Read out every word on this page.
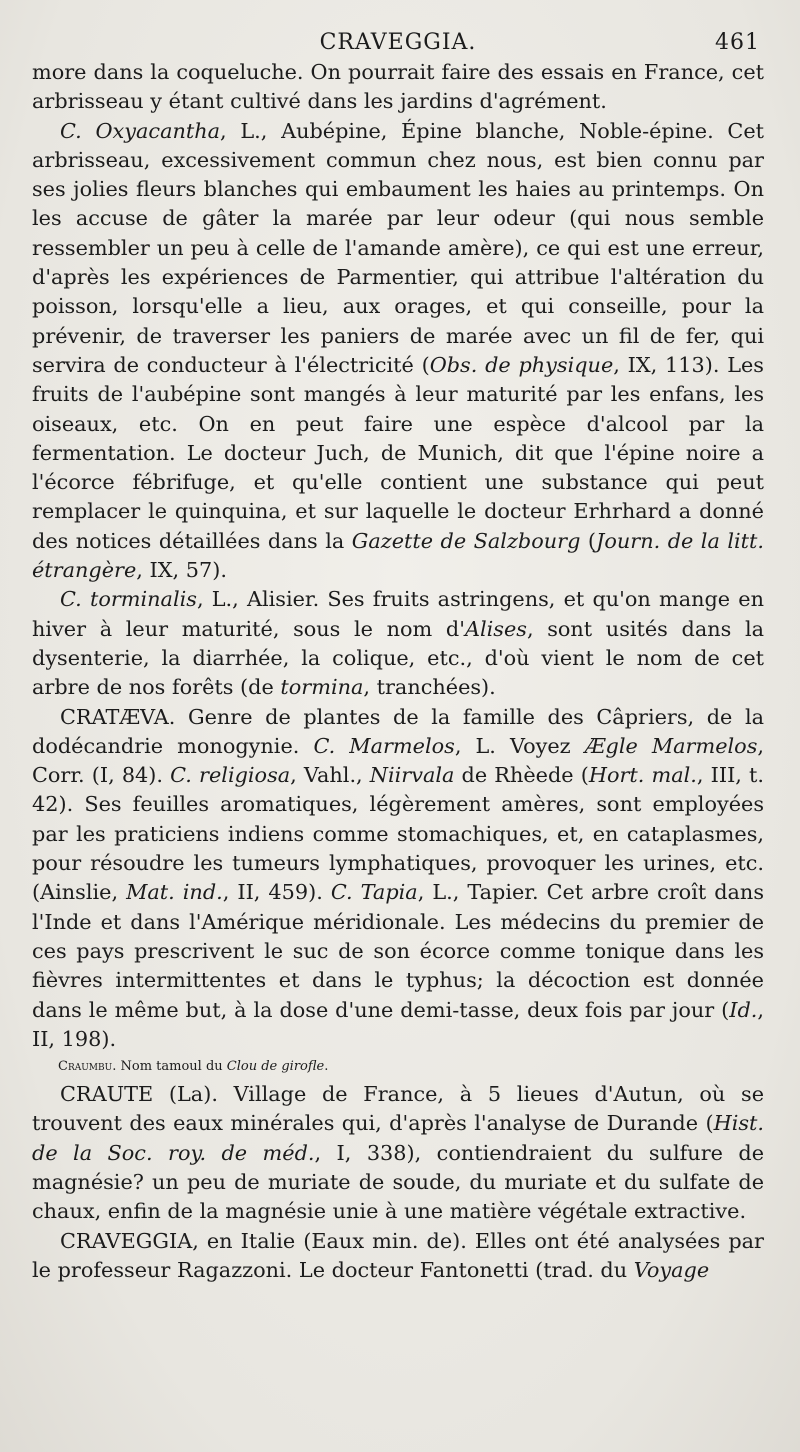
CRAVEGGIA.	461

more dans la coqueluche. On pourrait faire des essais en France, cet arbrisseau y étant cultivé dans les jardins d'agrément.

C. Oxyacantha, L., Aubépine, Épine blanche, Noble-épine. Cet arbrisseau, excessivement commun chez nous, est bien connu par ses jolies fleurs blanches qui embaument les haies au printemps. On les accuse de gâter la marée par leur odeur (qui nous semble ressembler un peu à celle de l'amande amère), ce qui est une erreur, d'après les expériences de Parmentier, qui attribue l'altération du poisson, lorsqu'elle a lieu, aux orages, et qui conseille, pour la prévenir, de traverser les paniers de marée avec un fil de fer, qui servira de conducteur à l'électricité (Obs. de physique, IX, 113). Les fruits de l'aubépine sont mangés à leur maturité par les enfans, les oiseaux, etc. On en peut faire une espèce d'alcool par la fermentation. Le docteur Juch, de Munich, dit que l'épine noire a l'écorce fébrifuge, et qu'elle contient une substance qui peut remplacer le quinquina, et sur laquelle le docteur Erhrhard a donné des notices détaillées dans la Gazette de Salzbourg (Journ. de la litt. étrangère, IX, 57).

C. torminalis, L., Alisier. Ses fruits astringens, et qu'on mange en hiver à leur maturité, sous le nom d'Alises, sont usités dans la dysenterie, la diarrhée, la colique, etc., d'où vient le nom de cet arbre de nos forêts (de tormina, tranchées).

CRATÆVA. Genre de plantes de la famille des Câpriers, de la dodécandrie monogynie. C. Marmelos, L. Voyez Ægle Marmelos, Corr. (I, 84). C. religiosa, Vahl., Niirvala de Rhèede (Hort. mal., III, t. 42). Ses feuilles aromatiques, légèrement amères, sont employées par les praticiens indiens comme stomachiques, et, en cataplasmes, pour résoudre les tumeurs lymphatiques, provoquer les urines, etc. (Ainslie, Mat. ind., II, 459). C. Tapia, L., Tapier. Cet arbre croît dans l'Inde et dans l'Amérique méridionale. Les médecins du premier de ces pays prescrivent le suc de son écorce comme tonique dans les fièvres intermittentes et dans le typhus; la décoction est donnée dans le même but, à la dose d'une demi-tasse, deux fois par jour (Id., II, 198).

Craumbu. Nom tamoul du Clou de girofle.

CRAUTE (La). Village de France, à 5 lieues d'Autun, où se trouvent des eaux minérales qui, d'après l'analyse de Durande (Hist. de la Soc. roy. de méd., I, 338), contiendraient du sulfure de magnésie? un peu de muriate de soude, du muriate et du sulfate de chaux, enfin de la magnésie unie à une matière végétale extractive.

CRAVEGGIA, en Italie (Eaux min. de). Elles ont été analysées par le professeur Ragazzoni. Le docteur Fantonetti (trad. du Voyage
